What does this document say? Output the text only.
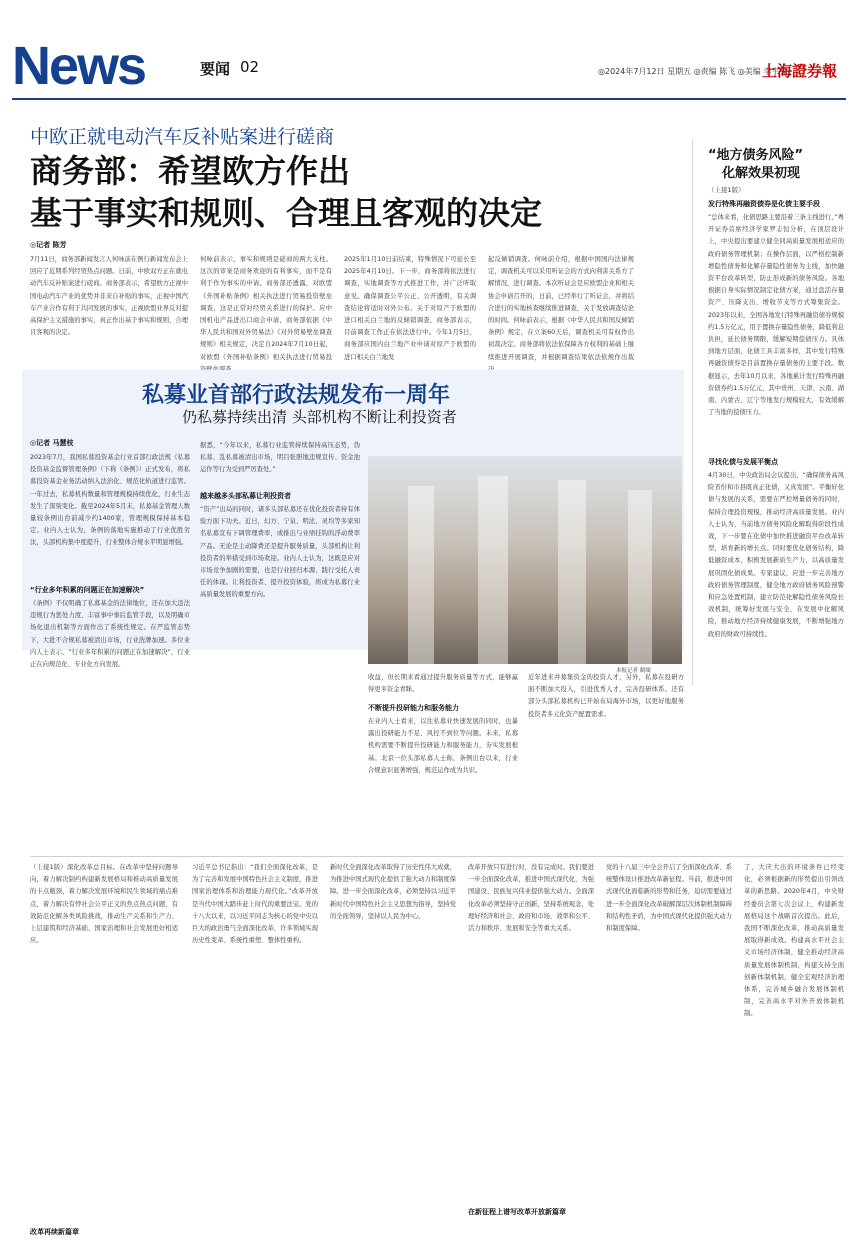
News	要闻 02	◎2024年7月12日 星期五 ◎责编 陈飞 ◎美编 李宇亮
上海證券報
中欧正就电动汽车反补贴案进行磋商
商务部：希望欧方作出
基于事实和规则、合理且客观的决定
◎记者 陈芳
7月11日，商务部新闻发言人何咏前在例行新闻发布会上回应了近期系列经贸热点问题。日前，中欧双方正在就电动汽车反补贴案进行磋商。商务部表示，希望欧方正视中国电动汽车产业的优势并非来自补贴的事实，正视中国汽车产业合作有利于共同发展的事实，正视欧盟业界反对提高保护主义措施的事实，真正作出基于事实和规则、合理且客观的决定。
何咏前表示，事实和规则是磋商的两大支柱。这次的审案是商务欢迎的有利事实，而不是有利于作为事实的申请。商务部还透露，对欧盟《外国补贴条例》相关执法进行贸易投资壁垒调查，这是正常对经贸关系进行的保护。应中国机电产品进出口商会申请，商务部依据《中华人民共和国对外贸易法》《对外贸易壁垒调查规则》相关规定，决定自2024年7月10日起，对欧盟《外国补贴条例》相关执法进行贸易投
2025年1月10日前结束，特殊情况下可延长至2025年4月10日。下一步，商务部将依法进行调查，实地调查等方式推进工作，并广泛听取意见。确保调查公平公正、公开透明，有关调查结论将适时对外公布。关于对原产于欧盟的进口相关白兰地的反倾销调查，商务部表示，目前调查工作正在依法进行中。今年1月5日，商务部应国内白兰地产业申请对原产于欧盟的进口相关白兰地发
起反倾销调查。何咏前介绍，根据中国国内法律规定，调查机关可以采用听证会的方式向利害关系方了解情况，进行调查。本次听证会是应欧盟企业和相关协会申请召开的，日前，已经举行了听证会，并将结合进行的实地核查继续推进调查，关于发放调查结论的时间。何咏前表示，根据《中华人民共和国反倾销条例》规定，在立案60天后，调查机关可有权作出初裁决定。商务部将依法依保障各方权利的基础上继续推进开展调查，并根据调查结果依法依规作出裁
“地方债务风险”
化解效果初现
（上接1版）
发行特殊再融资债券是化债主要手段
“总体来看，化债思路主要沿着三条主线进行，”粤开证券首席经济学家罗志恒分析，在顶层设计上，中央提出要建立健全同高质量发展相适应的政府债务管理机制；在操作层面，以严格控制新增隐性债务和化解存量隐性债务为主线，加快融资平台改革转型，防止形成新的债务风险。各地根据自身实际情况制定化债方案，通过盘活存量资产、压降支出、增收节支等方式筹集资金。2023年以来，全国各地发行特殊再融资债券规模约1.5万亿元，用于置换存量隐性债务，降低利息负担，延长债务期限，缓解短期偿债压力。具体到地方层面，化债工具丰富多样，其中发行特殊再融资债券是目前置换存量债务的主要手段。数据显示，去年10月以来，各地累计发行特殊再融资债券约1.5万亿元，其中贵州、天津、云南、湖南、内蒙古、辽宁等地发行规模较大，有效缓解了当地的偿债压力。
寻找化债与发展平衡点
4月30日，中央政治局会议提出，“确保债务高风险省份和市县既真正化债，又真发展”。平衡好化债与发展的关系，需要在严控增量债务的同时，保持合理投资规模，推动经济高质量发展。业内人士认为，当前地方债务风险化解取得阶段性成效，下一步要在化债中加快推进融资平台改革转型，培育新的增长点。同时要优化债务结构，降低融资成本，积极发展新质生产力，以高质量发展巩固化债成果。专家建议，应进一步完善地方政府债务管理制度，健全地方政府债务风险预警和应急处置机制，建立防范化解隐性债务风险长效机制，统筹好发展与安全，在发展中化解风险，推动地方经济持续健康发展，不断增强地方政府的财政可持续性。
私募业首部行政法规发布一周年
仍私募持续出清 头部机构不断让利投资者
◎记者 马慧枝
2023年7月，我国私募投资基金行业首部行政法规《私募投资基金监督管理条例》（下称《条例》）正式发布，将私募投资基金业务活动纳入法治化、规范化轨道进行监管。一年过去，私募机构数量和管理规模持续优化，行业生态发生了深刻变化。截至2024年5月末，私募基金管理人数量较条例出台前减少约1400家，管理规模保持基本稳定。业内人士认为，条例的落地实施推动了行业优胜劣汰，头部机构集中度提升，行业整体合规水平明显增强。
“行业多年积累的问题正在加速解决”
《条例》不仅明确了私募基金的法律地位，还在加大违法违规行为惩处力度、丰富事中事后监管手段，以及明确市场化退出机制等方面作出了系统性规定。在严监管态势下，大批不合规私募被清出市场，行业洗牌加速。多位业内人士表示，“行业多年积累的问题正在加速解决”，行业正在向规范化、专业化方向发展。
据悉，“今年以来，私募行业监管持续保持高压态势，伪私募、乱私募被清出市场，明目张胆地违规宣传、资金池运作等行为受到严厉查处。”
越来越多头部私募让利投资者
“资产”出局的同时，诸多头部私募还在优化投资者持有体验方面下功夫。近日，幻方、宁泉、明汯、灵均等多家知名私募宣布下调管理费率，或推出与业绩挂钩的浮动费率产品。无论是主动降费还是提升服务质量，头部机构让利投资者的举措受到市场欢迎。业内人士认为，这既是应对市场竞争加剧的需要，也是行业回归本源、践行受托人责任的体现。让利投资者、提升投资体验，将成为私募行业高质量发展的重要方向。
本报记者 制图
收益，但长期来看通过提升服务质量等方式，能够赢得更多资金青睐。
不断提升投研能力和服务能力
在业内人士看来，以往私募业快速发展的同时，也暴露出投研能力不足、风控不到位等问题。未来，私募机构需要不断提升投研能力和服务能力，夯实发展根基。北京一位头部私募人士称，条例出台以来，行业合规意识显著增强，规范运作成为共识。
近年进来并募集资金的投资人才，另外，私募在投研方面不断加大投入，引进优秀人才，完善投研体系。还有部分头部私募机构已开始布局海外市场，以更好地服务投资者多元化资产配置需求。
（上接1版）深化改革总目标。在改革中坚持问题导向，着力解决制约构建新发展格局和推动高质量发展的卡点瓶颈，着力解决发展环境和民生领域的痛点难点，着力解决有悖社会公平正义的焦点热点问题，有效防范化解各类风险挑战，推动生产关系和生产力、上层建筑和经济基础、国家治理和社会发展更好相适应。
改革再续新篇章
习近平总书记指出：“我们全面深化改革，是为了完善和发展中国特色社会主义制度，推进国家治理体系和治理能力现代化。”改革开放是当代中国大踏步赶上时代的重要法宝。党的十八大以来，以习近平同志为核心的党中央以巨大的政治勇气全面深化改革，许多领域实现历史性变革、系统性重塑、整体性重构。
新时代全面深化改革取得了历史性伟大成就，为推进中国式现代化提供了强大动力和制度保障。进一步全面深化改革，必须坚持以习近平新时代中国特色社会主义思想为指导，坚持党的全面领导，坚持以人民为中心。
改革开放只有进行时，没有完成时。我们要进一步全面深化改革，推进中国式现代化，为强国建设、民族复兴伟业提供强大动力。全面深化改革必须坚持守正创新，坚持系统观念，处理好经济和社会、政府和市场、效率和公平、活力和秩序、发展和安全等重大关系。
在新征程上谱写改革开放新篇章
党的十八届三中全会开启了全面深化改革、系统整体设计推进改革新征程。当前，推进中国式现代化面临新的形势和任务，迫切需要通过进一步全面深化改革破解深层次体制机制障碍和结构性矛盾，为中国式现代化提供强大动力和制度保障。
了，大庆大出的环境条件已经变化，必须根据新的形势提出引领改革的新思路。2020年4月，中央财经委员会第七次会议上，构建新发展格局这个战略首次提出。此后，我国不断深化改革，推动高质量发展取得新成效。构建高水平社会主义市场经济体制，健全推动经济高质量发展体制机制，构建支持全面创新体制机制，健全宏观经济治理体系，完善城乡融合发展体制机制，完善高水平对外开放体制机制。
